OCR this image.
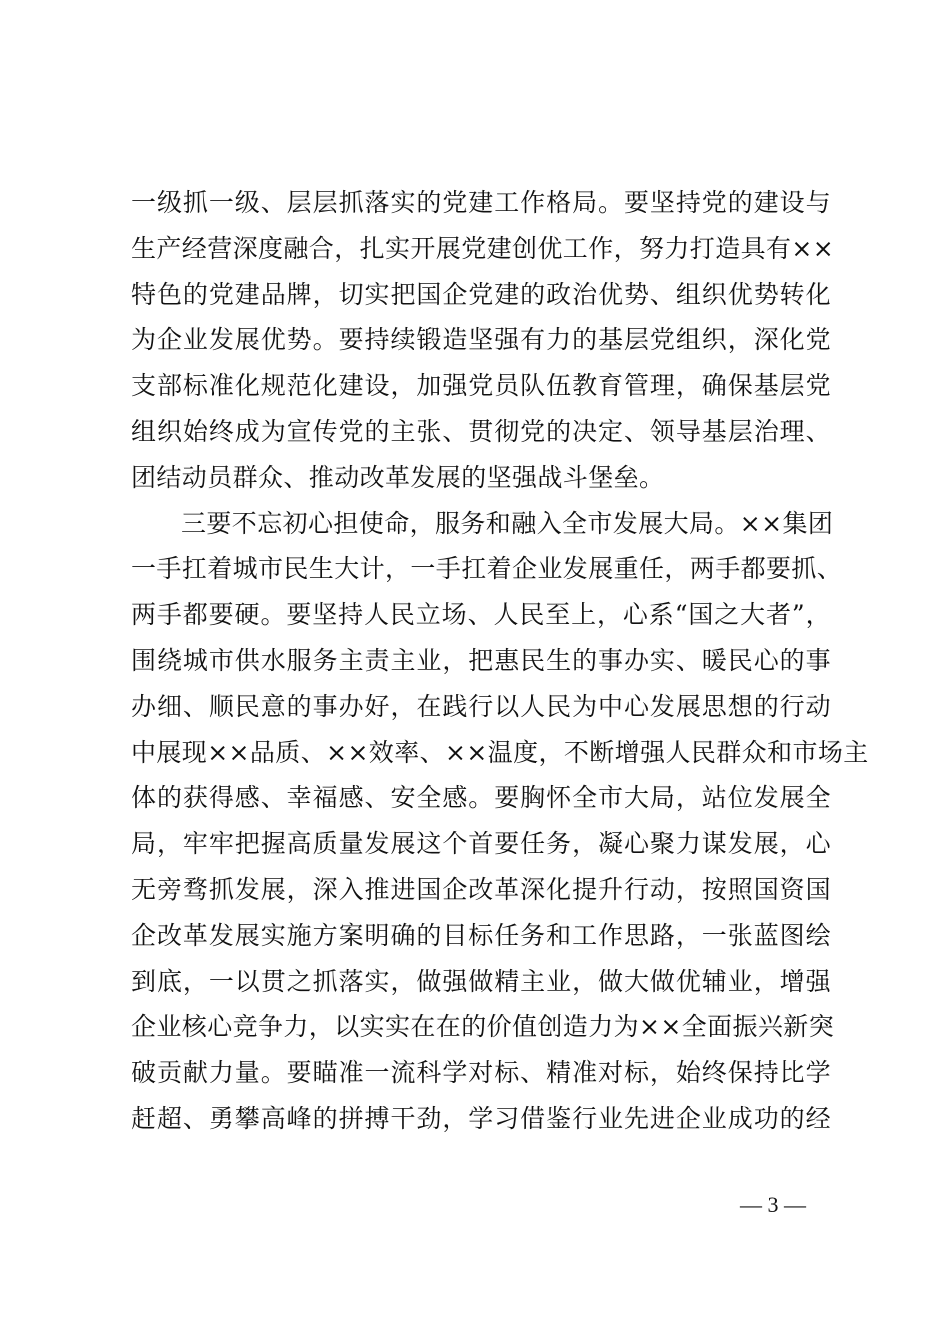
一级抓一级、层层抓落实的党建工作格局。要坚持党的建设与
生产经营深度融合，扎实开展党建创优工作，努力打造具有××
特色的党建品牌，切实把国企党建的政治优势、组织优势转化
为企业发展优势。要持续锻造坚强有力的基层党组织，深化党
支部标准化规范化建设，加强党员队伍教育管理，确保基层党
组织始终成为宣传党的主张、贯彻党的决定、领导基层治理、
团结动员群众、推动改革发展的坚强战斗堡垒。
三要不忘初心担使命，服务和融入全市发展大局。××集团
一手扛着城市民生大计，一手扛着企业发展重任，两手都要抓、
两手都要硬。要坚持人民立场、人民至上，心系“国之大者”，
围绕城市供水服务主责主业，把惠民生的事办实、暖民心的事
办细、顺民意的事办好，在践行以人民为中心发展思想的行动
中展现××品质、××效率、××温度，不断增强人民群众和市场主
体的获得感、幸福感、安全感。要胸怀全市大局，站位发展全
局，牢牢把握高质量发展这个首要任务，凝心聚力谋发展，心
无旁骛抓发展，深入推进国企改革深化提升行动，按照国资国
企改革发展实施方案明确的目标任务和工作思路，一张蓝图绘
到底，一以贯之抓落实，做强做精主业，做大做优辅业，增强
企业核心竞争力，以实实在在的价值创造力为××全面振兴新突
破贡献力量。要瞄准一流科学对标、精准对标，始终保持比学
赶超、勇攀高峰的拼搏干劲，学习借鉴行业先进企业成功的经
— 3 —
